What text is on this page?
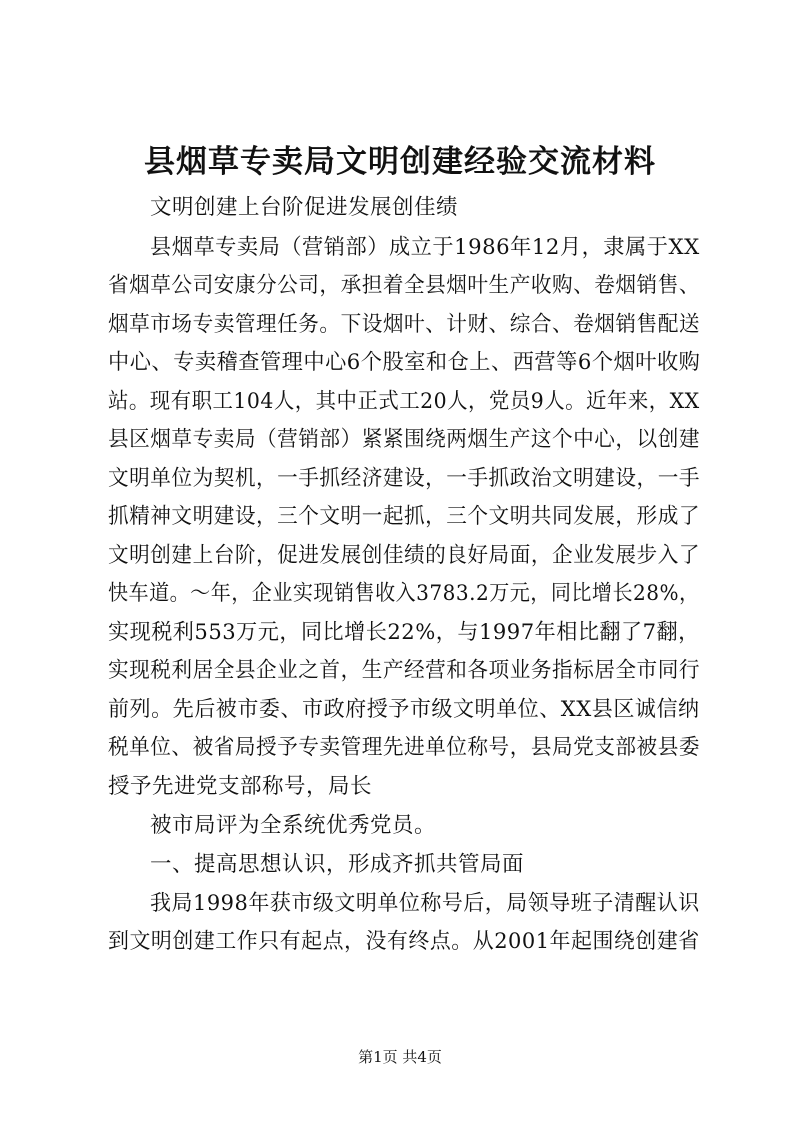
县烟草专卖局文明创建经验交流材料
文明创建上台阶促进发展创佳绩
县烟草专卖局（营销部）成立于1986年12月，隶属于XX
省烟草公司安康分公司，承担着全县烟叶生产收购、卷烟销售、
烟草市场专卖管理任务。下设烟叶、计财、综合、卷烟销售配送
中心、专卖稽查管理中心6个股室和仓上、西营等6个烟叶收购
站。现有职工104人，其中正式工20人，党员9人。近年来，XX
县区烟草专卖局（营销部）紧紧围绕两烟生产这个中心，以创建
文明单位为契机，一手抓经济建设，一手抓政治文明建设，一手
抓精神文明建设，三个文明一起抓，三个文明共同发展，形成了
文明创建上台阶，促进发展创佳绩的良好局面，企业发展步入了
快车道。～年，企业实现销售收入3783.2万元，同比增长28%，
实现税利553万元，同比增长22%，与1997年相比翻了7翻，
实现税利居全县企业之首，生产经营和各项业务指标居全市同行
前列。先后被市委、市政府授予市级文明单位、XX县区诚信纳
税单位、被省局授予专卖管理先进单位称号，县局党支部被县委
授予先进党支部称号，局长
被市局评为全系统优秀党员。
一、提高思想认识，形成齐抓共管局面
我局1998年获市级文明单位称号后，局领导班子清醒认识
到文明创建工作只有起点，没有终点。从2001年起围绕创建省
第1页 共4页
